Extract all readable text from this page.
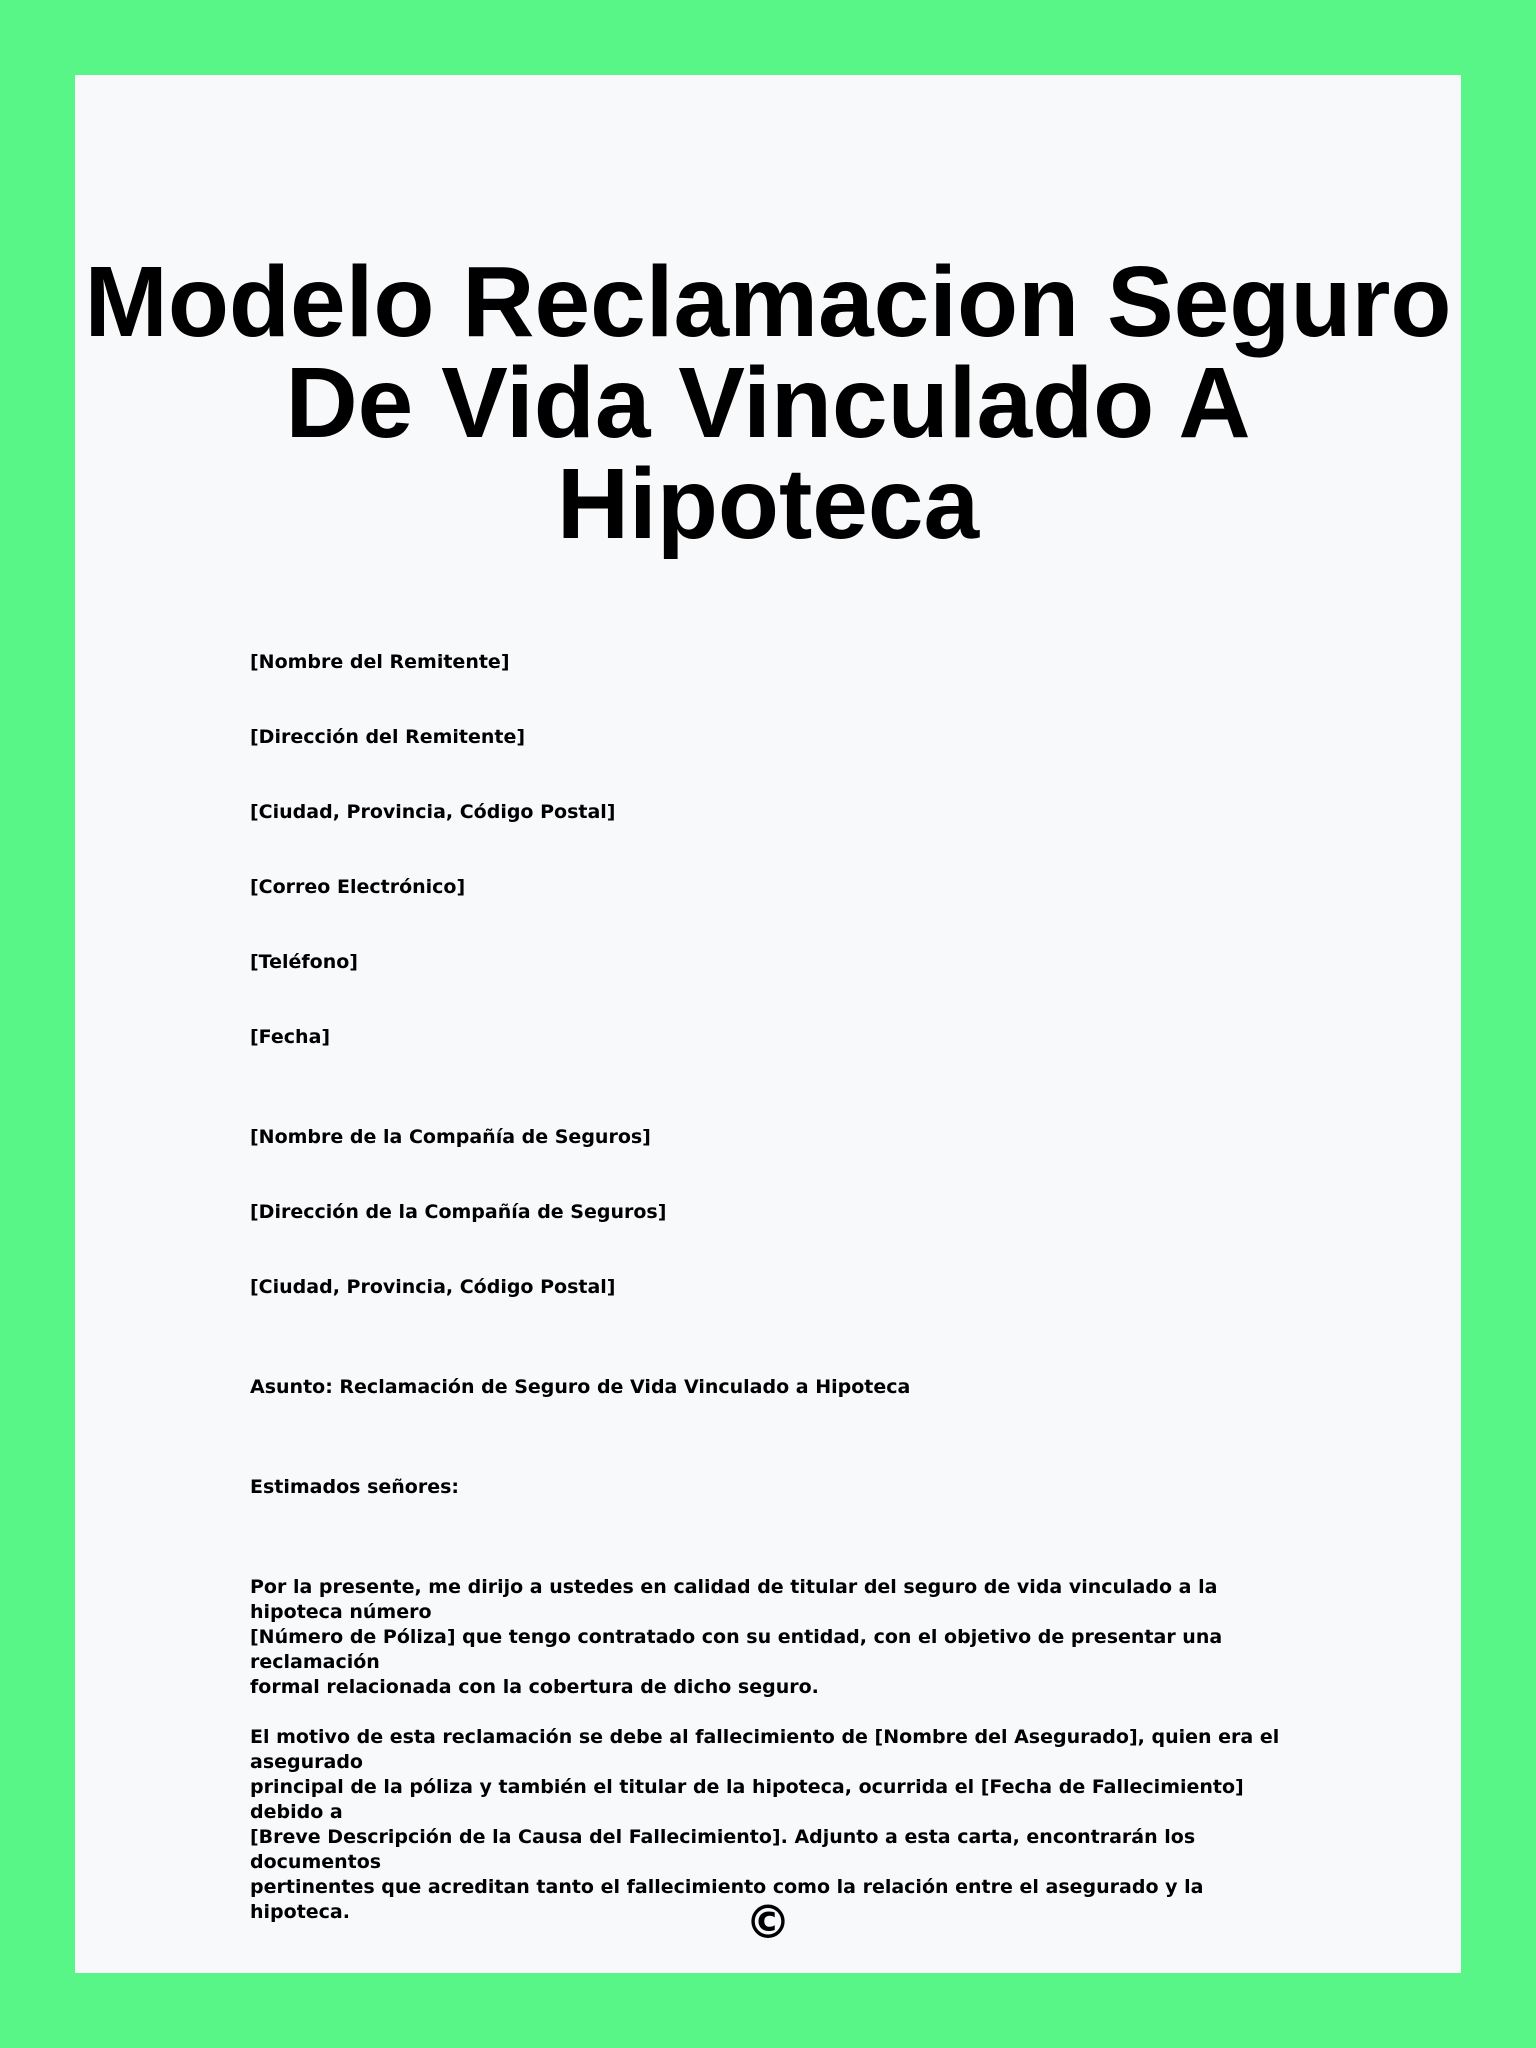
Modelo Reclamacion Seguro De Vida Vinculado A Hipoteca
[Nombre del Remitente]
[Dirección del Remitente]
[Ciudad, Provincia, Código Postal]
[Correo Electrónico]
[Teléfono]
[Fecha]
[Nombre de la Compañía de Seguros]
[Dirección de la Compañía de Seguros]
[Ciudad, Provincia, Código Postal]
Asunto: Reclamación de Seguro de Vida Vinculado a Hipoteca
Estimados señores:
Por la presente, me dirijo a ustedes en calidad de titular del seguro de vida vinculado a la hipoteca número
[Número de Póliza] que tengo contratado con su entidad, con el objetivo de presentar una reclamación
formal relacionada con la cobertura de dicho seguro.
El motivo de esta reclamación se debe al fallecimiento de [Nombre del Asegurado], quien era el asegurado
principal de la póliza y también el titular de la hipoteca, ocurrida el [Fecha de Fallecimiento] debido a
[Breve Descripción de la Causa del Fallecimiento]. Adjunto a esta carta, encontrarán los documentos
pertinentes que acreditan tanto el fallecimiento como la relación entre el asegurado y la hipoteca.	©
